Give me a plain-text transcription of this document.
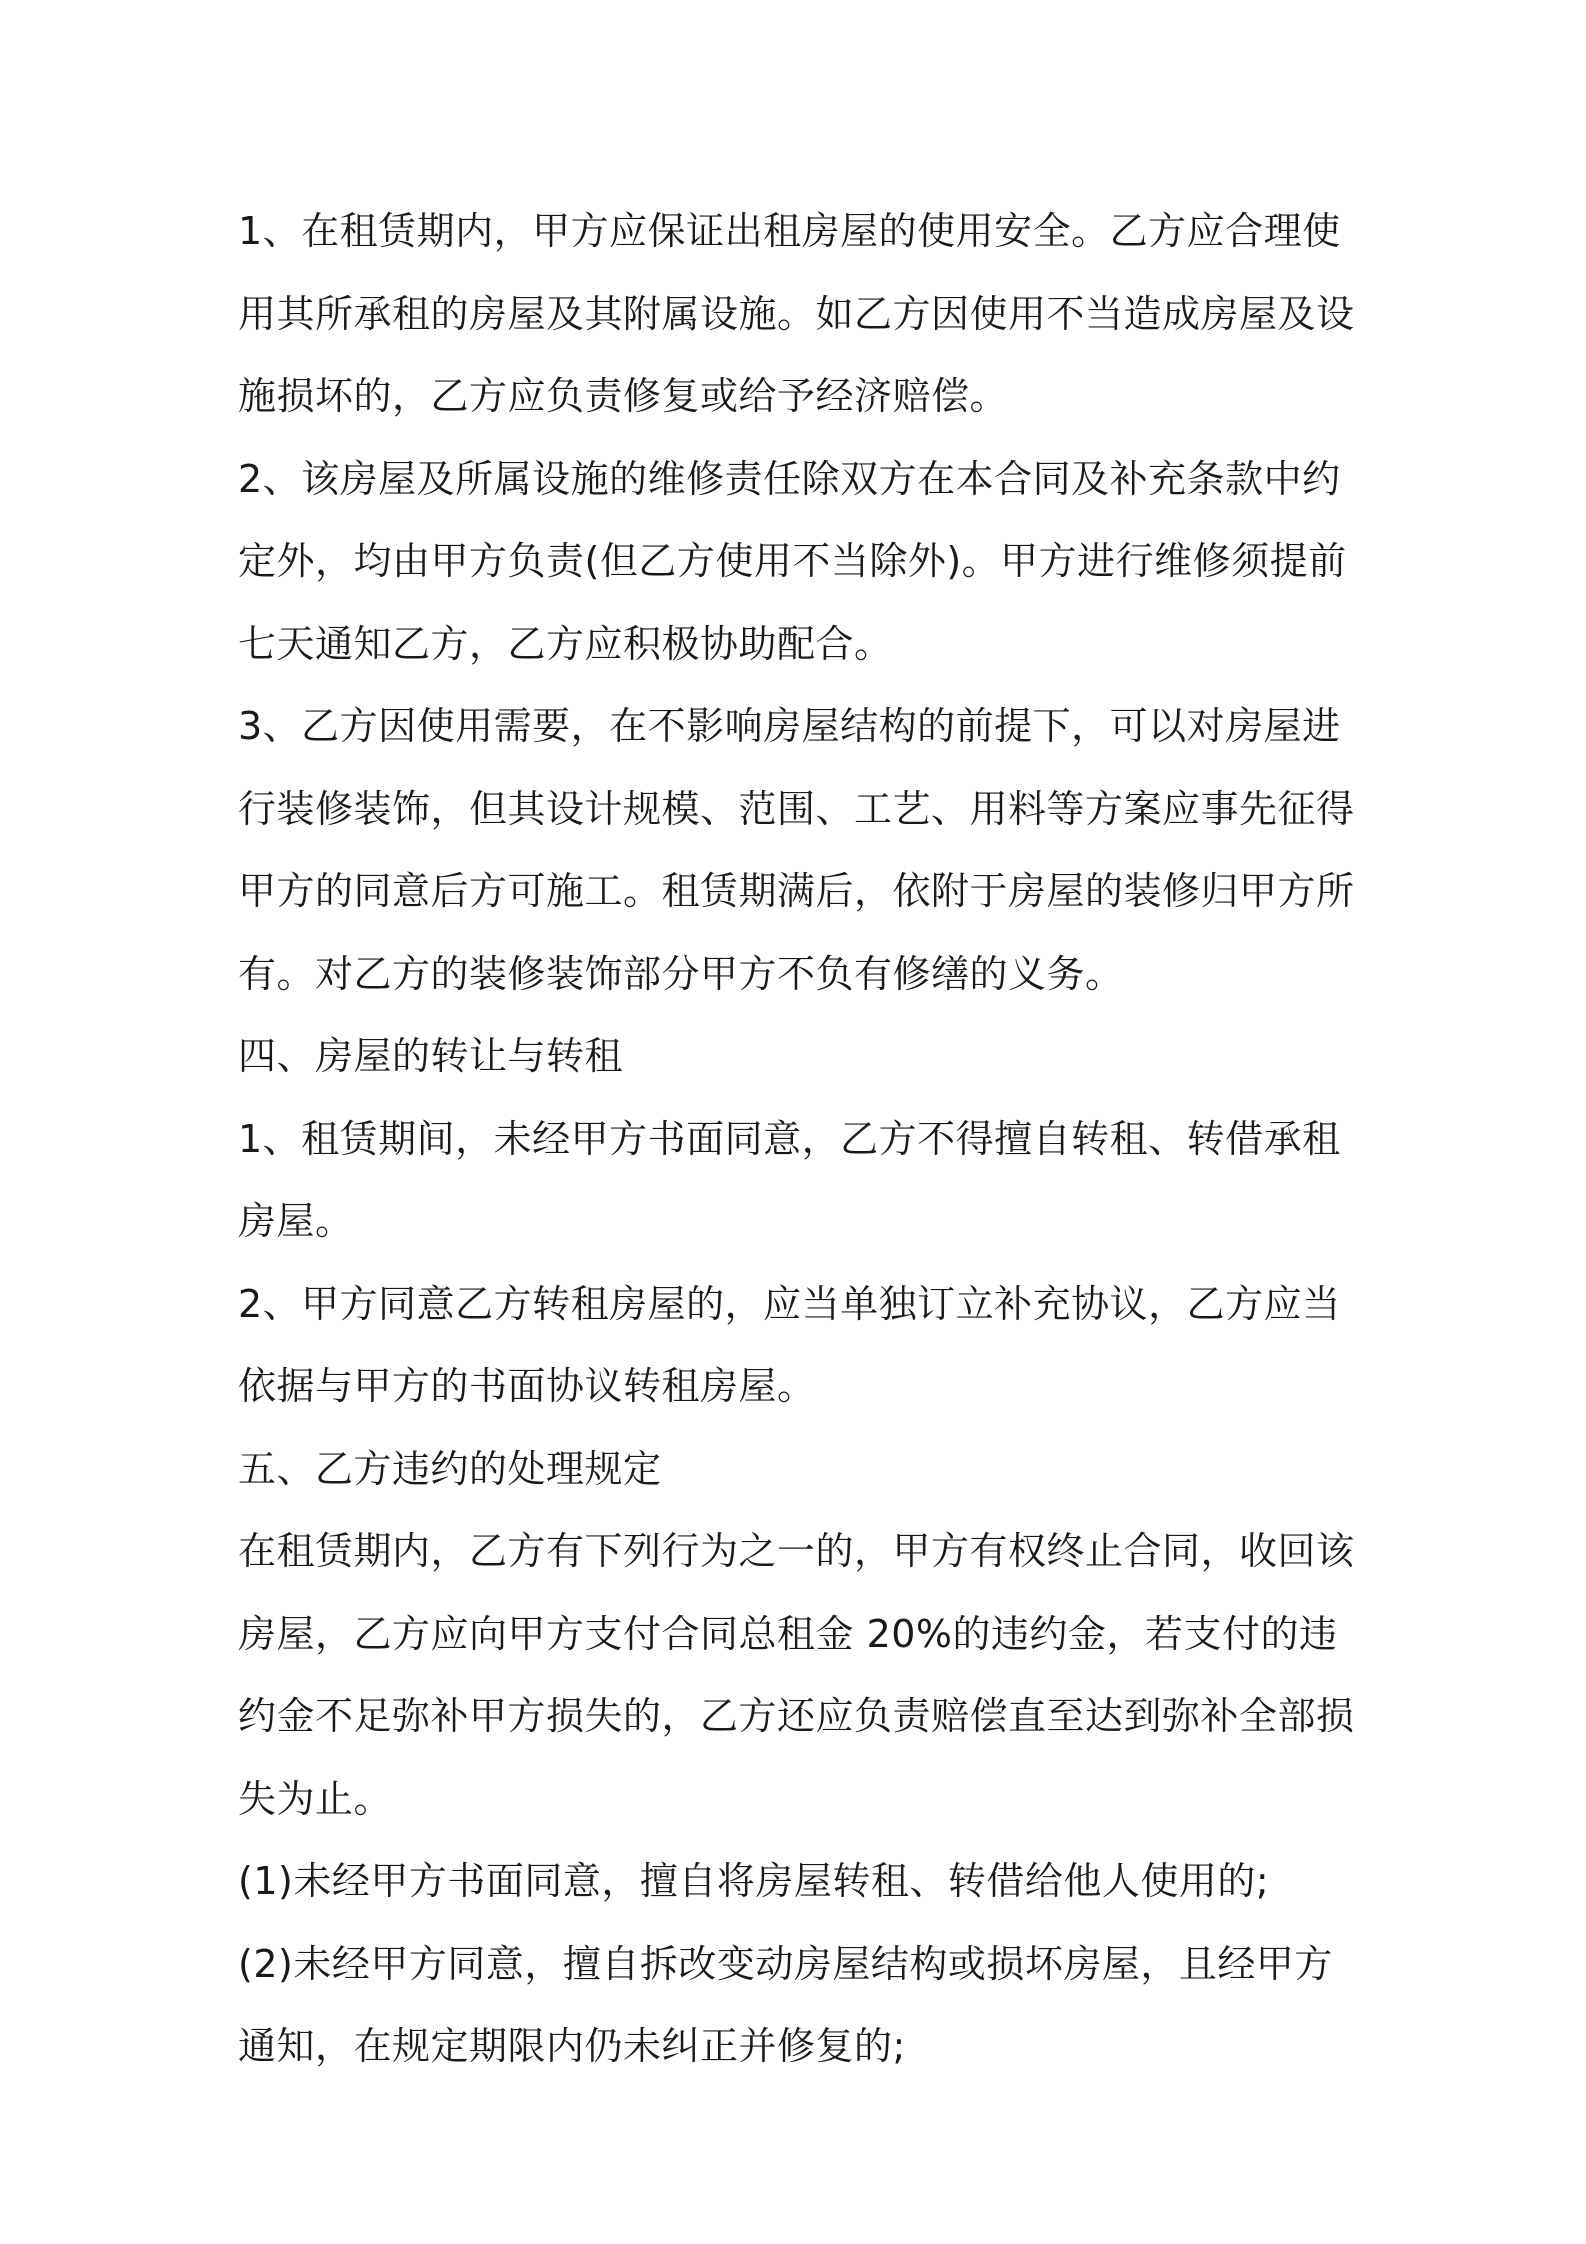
1、在租赁期内，甲方应保证出租房屋的使用安全。乙方应合理使用其所承租的房屋及其附属设施。如乙方因使用不当造成房屋及设施损坏的，乙方应负责修复或给予经济赔偿。

2、该房屋及所属设施的维修责任除双方在本合同及补充条款中约定外，均由甲方负责(但乙方使用不当除外)。甲方进行维修须提前七天通知乙方，乙方应积极协助配合。

3、乙方因使用需要，在不影响房屋结构的前提下，可以对房屋进行装修装饰，但其设计规模、范围、工艺、用料等方案应事先征得甲方的同意后方可施工。租赁期满后，依附于房屋的装修归甲方所有。对乙方的装修装饰部分甲方不负有修缮的义务。

四、房屋的转让与转租

1、租赁期间，未经甲方书面同意，乙方不得擅自转租、转借承租房屋。

2、甲方同意乙方转租房屋的，应当单独订立补充协议，乙方应当依据与甲方的书面协议转租房屋。

五、乙方违约的处理规定

在租赁期内，乙方有下列行为之一的，甲方有权终止合同，收回该房屋，乙方应向甲方支付合同总租金 20%的违约金，若支付的违约金不足弥补甲方损失的，乙方还应负责赔偿直至达到弥补全部损失为止。

(1)未经甲方书面同意，擅自将房屋转租、转借给他人使用的;

(2)未经甲方同意，擅自拆改变动房屋结构或损坏房屋，且经甲方通知，在规定期限内仍未纠正并修复的;
